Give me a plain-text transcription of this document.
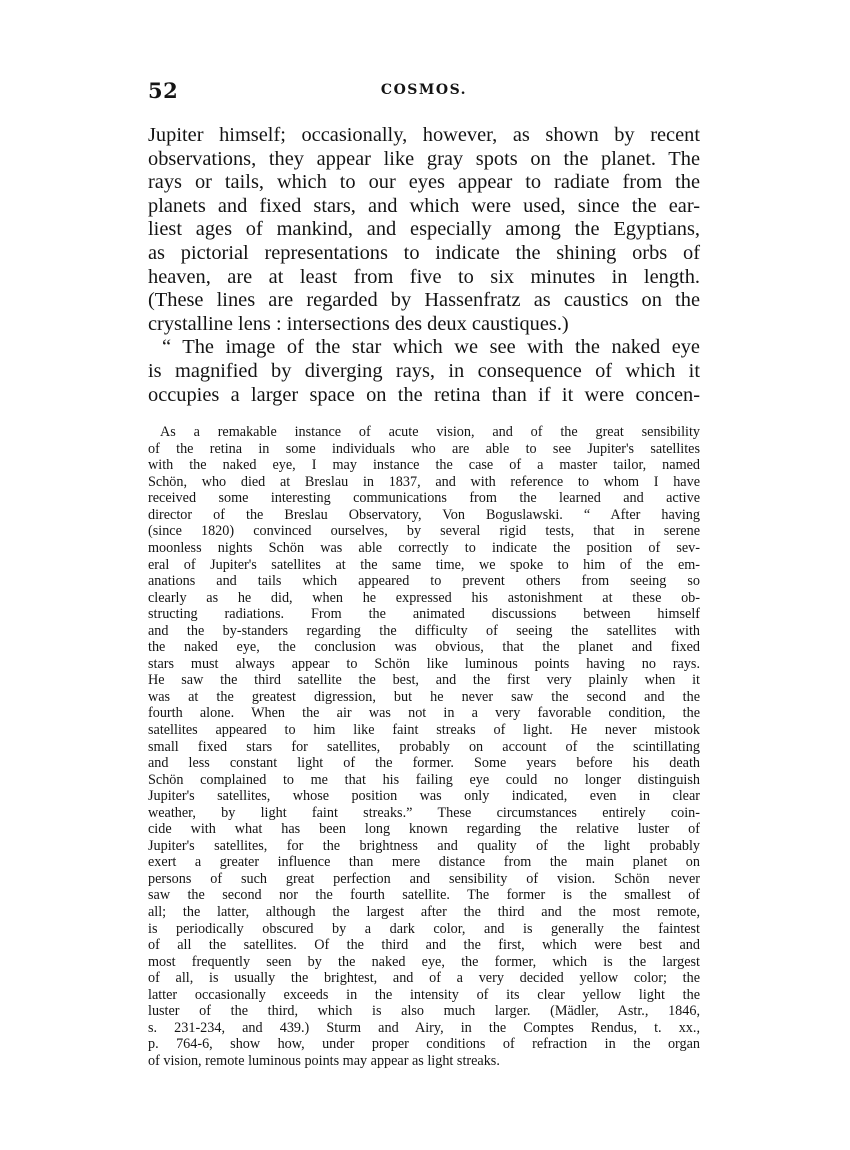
52	COSMOS.
Jupiter himself; occasionally, however, as shown by recent
observations, they appear like gray spots on the planet. The
rays or tails, which to our eyes appear to radiate from the
planets and fixed stars, and which were used, since the ear-
liest ages of mankind, and especially among the Egyptians,
as pictorial representations to indicate the shining orbs of
heaven, are at least from five to six minutes in length.
(These lines are regarded by Hassenfratz as caustics on the
crystalline lens : intersections des deux caustiques.)
“ The image of the star which we see with the naked eye
is magnified by diverging rays, in consequence of which it
occupies a larger space on the retina than if it were concen-
As a remakable instance of acute vision, and of the great sensibility
of the retina in some individuals who are able to see Jupiter's satellites
with the naked eye, I may instance the case of a master tailor, named
Schön, who died at Breslau in 1837, and with reference to whom I have
received some interesting communications from the learned and active
director of the Breslau Observatory, Von Boguslawski. “ After having
(since 1820) convinced ourselves, by several rigid tests, that in serene
moonless nights Schön was able correctly to indicate the position of sev-
eral of Jupiter's satellites at the same time, we spoke to him of the em-
anations and tails which appeared to prevent others from seeing so
clearly as he did, when he expressed his astonishment at these ob-
structing radiations. From the animated discussions between himself
and the by-standers regarding the difficulty of seeing the satellites with
the naked eye, the conclusion was obvious, that the planet and fixed
stars must always appear to Schön like luminous points having no rays.
He saw the third satellite the best, and the first very plainly when it
was at the greatest digression, but he never saw the second and the
fourth alone. When the air was not in a very favorable condition, the
satellites appeared to him like faint streaks of light. He never mistook
small fixed stars for satellites, probably on account of the scintillating
and less constant light of the former. Some years before his death
Schön complained to me that his failing eye could no longer distinguish
Jupiter's satellites, whose position was only indicated, even in clear
weather, by light faint streaks.” These circumstances entirely coin-
cide with what has been long known regarding the relative luster of
Jupiter's satellites, for the brightness and quality of the light probably
exert a greater influence than mere distance from the main planet on
persons of such great perfection and sensibility of vision. Schön never
saw the second nor the fourth satellite. The former is the smallest of
all; the latter, although the largest after the third and the most remote,
is periodically obscured by a dark color, and is generally the faintest
of all the satellites. Of the third and the first, which were best and
most frequently seen by the naked eye, the former, which is the largest
of all, is usually the brightest, and of a very decided yellow color; the
latter occasionally exceeds in the intensity of its clear yellow light the
luster of the third, which is also much larger. (Mädler, Astr., 1846,
s. 231-234, and 439.) Sturm and Airy, in the Comptes Rendus, t. xx.,
p. 764-6, show how, under proper conditions of refraction in the organ
of vision, remote luminous points may appear as light streaks.
